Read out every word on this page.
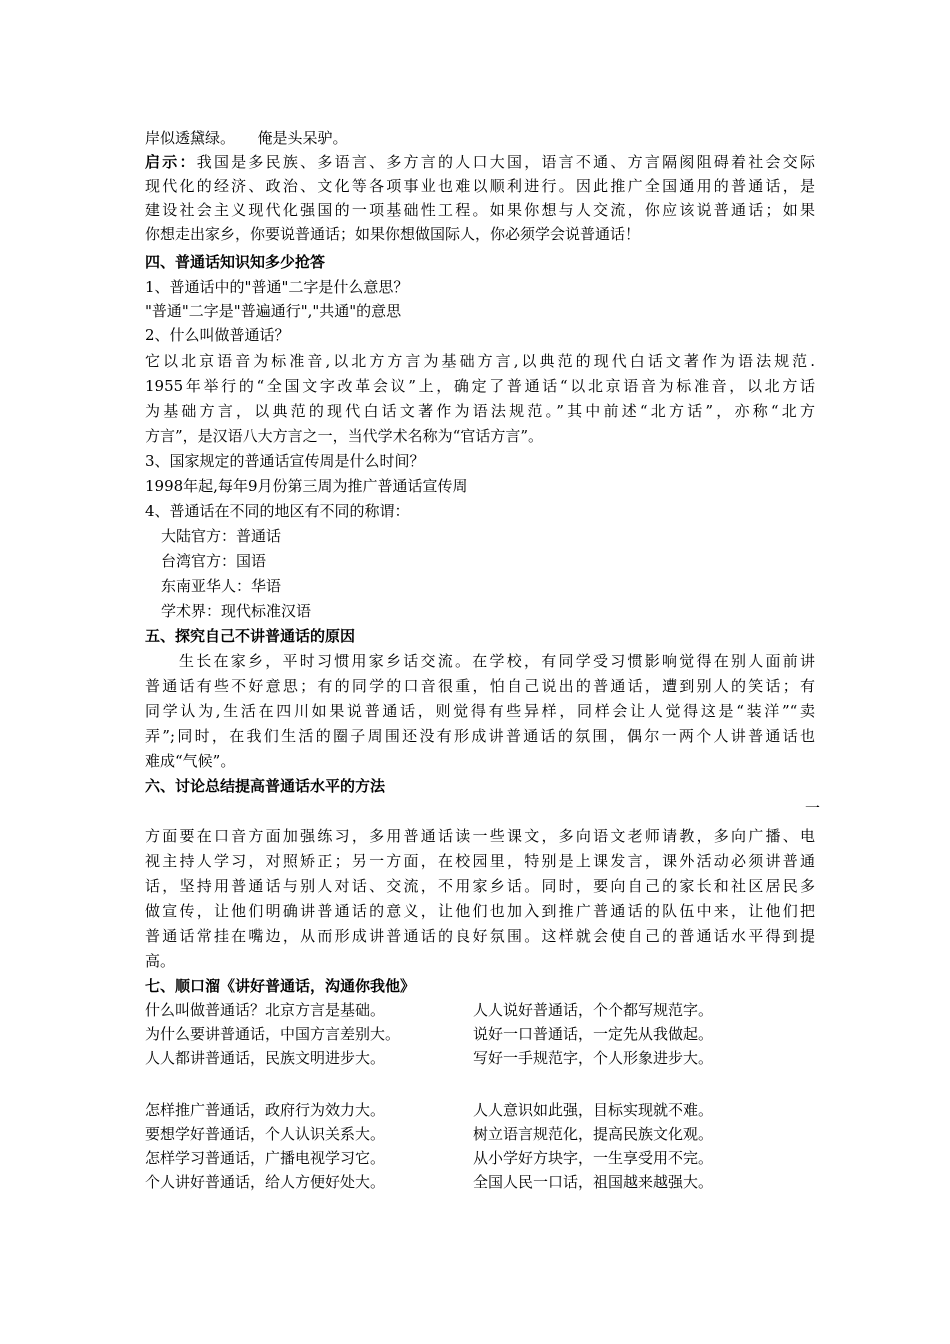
岸似透黛绿。　　俺是头呆驴。
启示：我国是多民族、多语言、多方言的人口大国，语言不通、方言隔阂阻碍着社会交际
现代化的经济、政治、文化等各项事业也难以顺利进行。因此推广全国通用的普通话，是
建设社会主义现代化强国的一项基础性工程。如果你想与人交流，你应该说普通话；如果
你想走出家乡，你要说普通话；如果你想做国际人，你必须学会说普通话！
四、普通话知识知多少抢答
1、普通话中的"普通"二字是什么意思？
"普通"二字是"普遍通行","共通"的意思
2、什么叫做普通话？
它以北京语音为标准音,以北方方言为基础方言,以典范的现代白话文著作为语法规范.
1955年举行的“全国文字改革会议”上，确定了普通话“以北京语音为标准音，以北方话
为基础方言，以典范的现代白话文著作为语法规范。”其中前述“北方话”，亦称“北方
方言”，是汉语八大方言之一，当代学术名称为“官话方言”。
3、国家规定的普通话宣传周是什么时间？
1998年起,每年9月份第三周为推广普通话宣传周
4、普通话在不同的地区有不同的称谓：
大陆官方：普通话
台湾官方：国语
东南亚华人：华语
学术界：现代标准汉语
五、探究自己不讲普通话的原因
生长在家乡，平时习惯用家乡话交流。在学校，有同学受习惯影响觉得在别人面前讲
普通话有些不好意思；有的同学的口音很重，怕自己说出的普通话，遭到别人的笑话；有
同学认为,生活在四川如果说普通话，则觉得有些异样，同样会让人觉得这是“装洋”“卖
弄”;同时，在我们生活的圈子周围还没有形成讲普通话的氛围，偶尔一两个人讲普通话也
难成“气候”。
六、讨论总结提高普通话水平的方法
一
方面要在口音方面加强练习，多用普通话读一些课文，多向语文老师请教，多向广播、电
视主持人学习，对照矫正；另一方面，在校园里，特别是上课发言，课外活动必须讲普通
话，坚持用普通话与别人对话、交流，不用家乡话。同时，要向自己的家长和社区居民多
做宣传，让他们明确讲普通话的意义，让他们也加入到推广普通话的队伍中来，让他们把
普通话常挂在嘴边，从而形成讲普通话的良好氛围。这样就会使自己的普通话水平得到提
高。
七、顺口溜《讲好普通话，沟通你我他》
什么叫做普通话？北京方言是基础。	人人说好普通话，个个都写规范字。
为什么要讲普通话，中国方言差别大。	说好一口普通话，一定先从我做起。
人人都讲普通话，民族文明进步大。	写好一手规范字，个人形象进步大。
怎样推广普通话，政府行为效力大。	人人意识如此强，目标实现就不难。
要想学好普通话，个人认识关系大。	树立语言规范化，提高民族文化观。
怎样学习普通话，广播电视学习它。	从小学好方块字，一生享受用不完。
个人讲好普通话，给人方便好处大。	全国人民一口话，祖国越来越强大。
